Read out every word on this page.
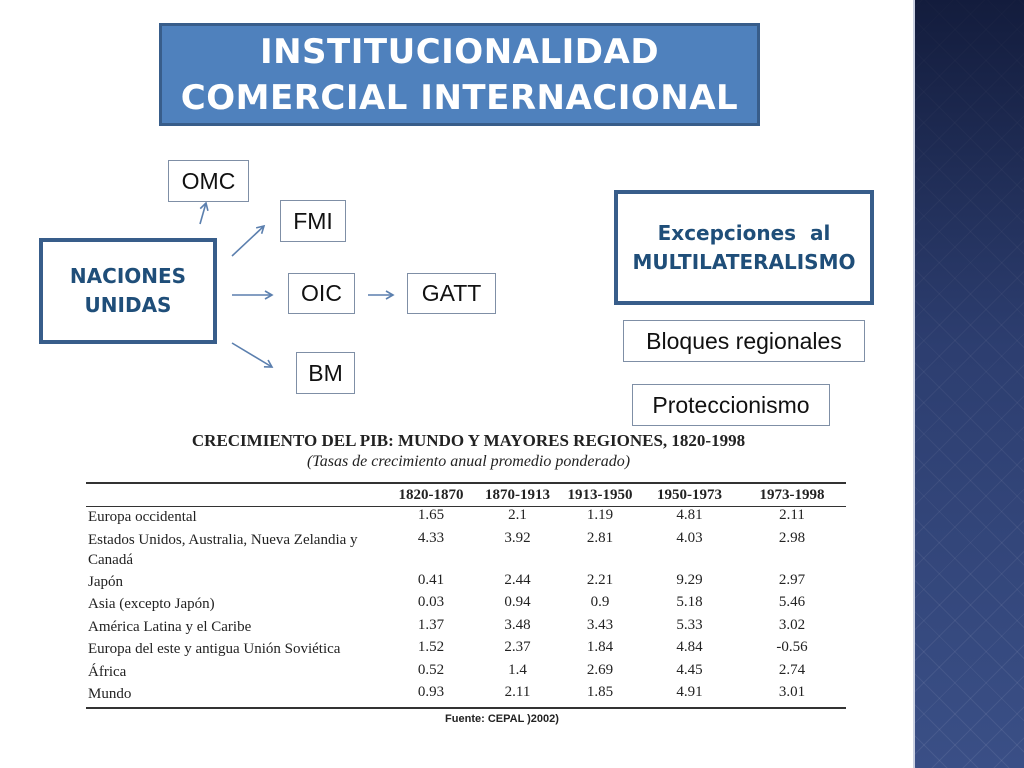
INSTITUCIONALIDAD
COMERCIAL INTERNACIONAL
NACIONES
UNIDAS
OMC
FMI
OIC	GATT
BM
Excepciones  al
MULTILATERALISMO
Bloques regionales
Proteccionismo
CRECIMIENTO DEL PIB: MUNDO Y MAYORES REGIONES, 1820-1998
(Tasas de crecimiento anual promedio ponderado)
	1820-1870	1870-1913	1913-1950	1950-1973	1973-1998
Europa occidental	1.65	2.1	1.19	4.81	2.11
Estados Unidos, Australia, Nueva Zelandia y Canadá	4.33	3.92	2.81	4.03	2.98
Japón	0.41	2.44	2.21	9.29	2.97
Asia (excepto Japón)	0.03	0.94	0.9	5.18	5.46
América Latina y el Caribe	1.37	3.48	3.43	5.33	3.02
Europa del este y antigua Unión Soviética	1.52	2.37	1.84	4.84	-0.56
África	0.52	1.4	2.69	4.45	2.74
Mundo	0.93	2.11	1.85	4.91	3.01
Fuente: CEPAL )2002)
